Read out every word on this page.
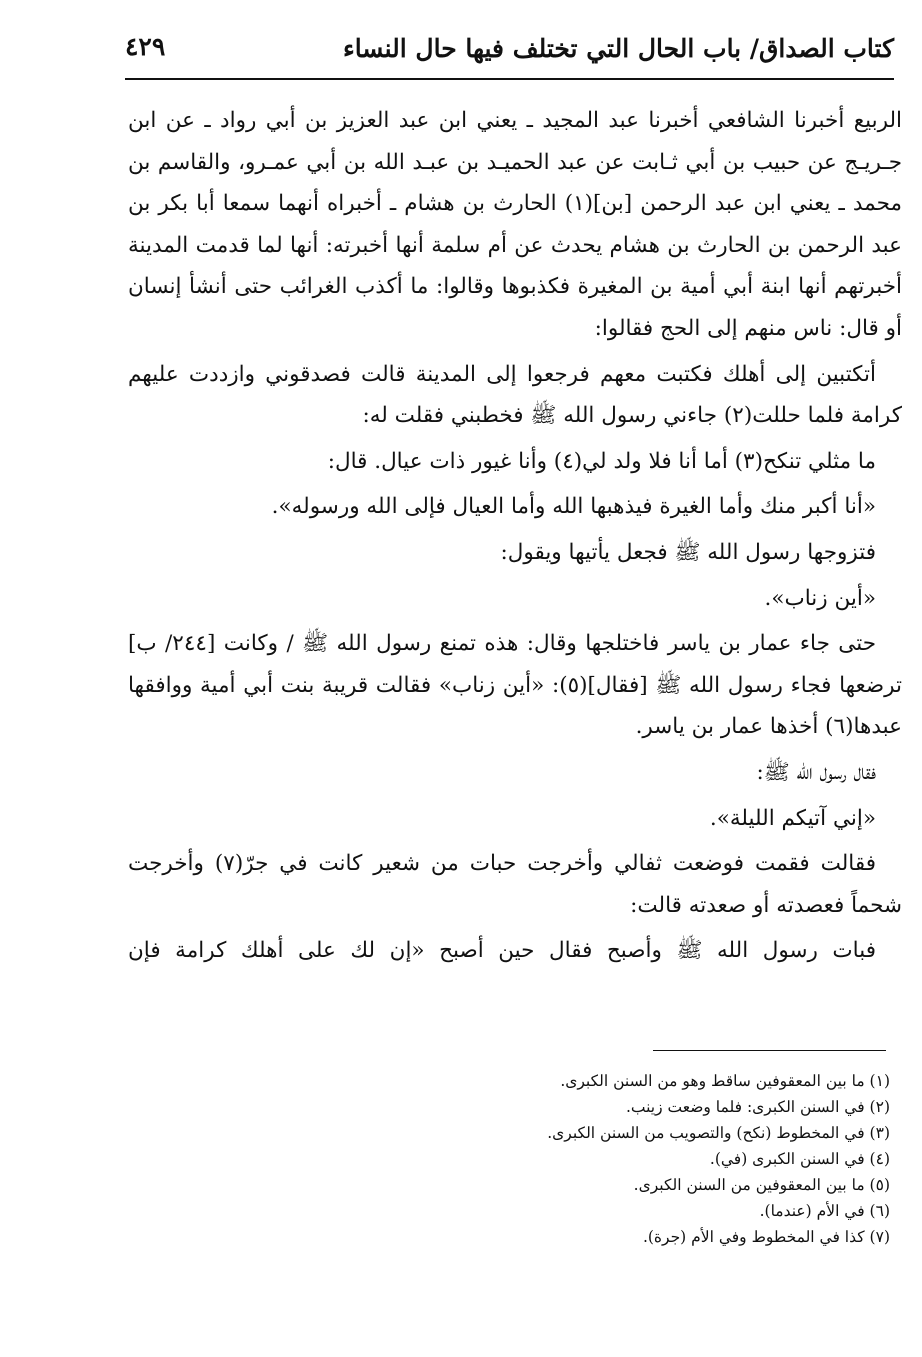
كتاب الصداق/ باب الحال التي تختلف فيها حال النساء
٤٢٩

الربيع أخبرنا الشافعي أخبرنا عبد المجيد ـ يعني ابن عبد العزيز بن أبي رواد ـ عن ابن جـريـج عن حبيب بن أبي ثـابت عن عبد الحميـد بن عبـد الله بن أبي عمـرو، والقاسم بن محمد ـ يعني ابن عبد الرحمن [بن](١) الحارث بن هشام ـ أخبراه أنهما سمعا أبا بكر بن عبد الرحمن بن الحارث بن هشام يحدث عن أم سلمة أنها أخبرته: أنها لما قدمت المدينة أخبرتهم أنها ابنة أبي أمية بن المغيرة فكذبوها وقالوا: ما أكذب الغرائب حتى أنشأ إنسان أو قال: ناس منهم إلى الحج فقالوا:

أتكتبين إلى أهلك فكتبت معهم فرجعوا إلى المدينة قالت فصدقوني وازددت عليهم كرامة فلما حللت(٢) جاءني رسول الله ﷺ فخطبني فقلت له:

ما مثلي تنكح(٣) أما أنا فلا ولد لي(٤) وأنا غيور ذات عيال. قال:

«أنا أكبر منك وأما الغيرة فيذهبها الله وأما العيال فإلى الله ورسوله».

فتزوجها رسول الله ﷺ فجعل يأتيها ويقول:

«أين زناب».

حتى جاء عمار بن ياسر فاختلجها وقال: هذه تمنع رسول الله ﷺ / وكانت [٢٤٤/ ب] ترضعها فجاء رسول الله ﷺ [فقال](٥): «أين زناب» فقالت قريبة بنت أبي أمية ووافقها عبدها(٦) أخذها عمار بن ياسر.

فقال رسول الله ﷺ:

«إني آتيكم الليلة».

فقالت فقمت فوضعت ثفالي وأخرجت حبات من شعير كانت في جرّ(٧) وأخرجت شحماً فعصدته أو صعدته قالت:

فبات رسول الله ﷺ وأصبح فقال حين أصبح «إن لك على أهلك كرامة فإن

(١) ما بين المعقوفين ساقط وهو من السنن الكبرى.
(٢) في السنن الكبرى: فلما وضعت زينب.
(٣) في المخطوط (نكح) والتصويب من السنن الكبرى.
(٤) في السنن الكبرى (في).
(٥) ما بين المعقوفين من السنن الكبرى.
(٦) في الأم (عندما).
(٧) كذا في المخطوط وفي الأم (جرة).
